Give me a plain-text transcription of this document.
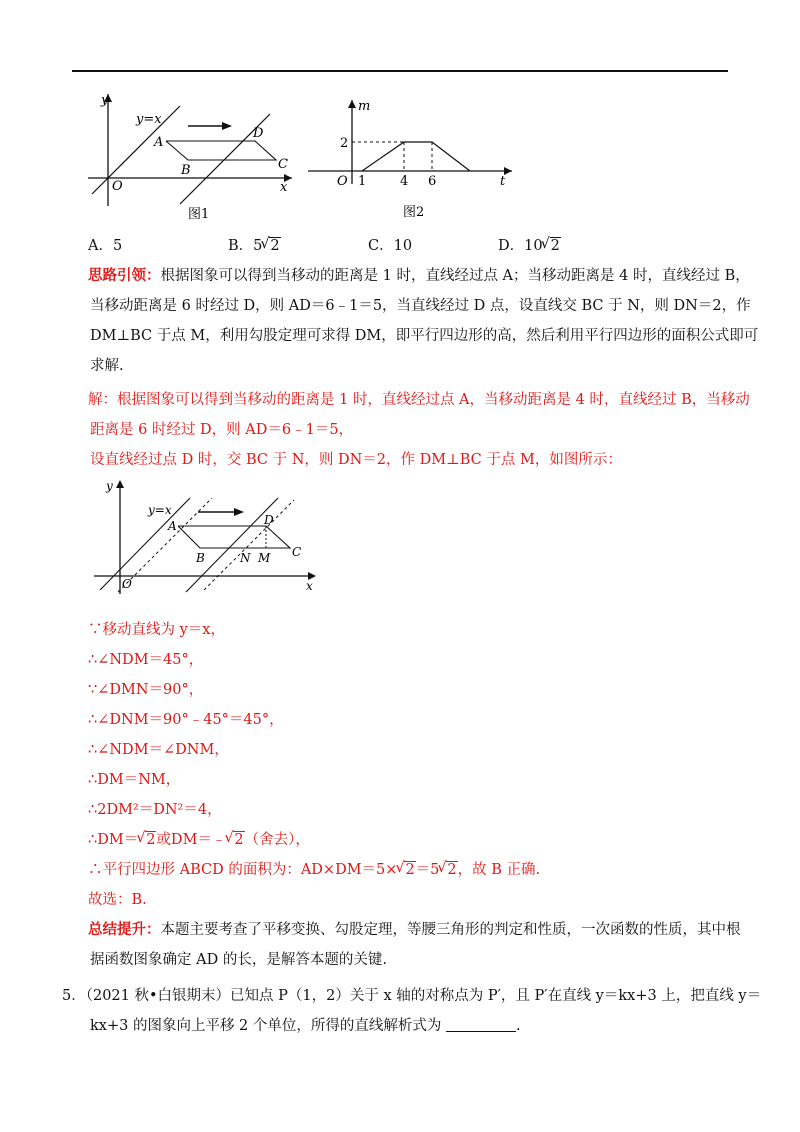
y
x
O
y=x
A
B	C
D
图1
m
t
O
2
1	4 6
图2
A．5	B．5 √ 2	C．10	D．10 √ 2
思路引领：根据图象可以得到当移动的距离是 1 时，直线经过点 A；当移动距离是 4 时，直线经过 B，
当移动距离是 6 时经过 D，则 AD＝6﹣1＝5，当直线经过 D 点，设直线交 BC 于 N，则 DN＝2，作
DM⊥BC 于点 M，利用勾股定理可求得 DM，即平行四边形的高，然后利用平行四边形的面积公式即可
求解.
解：根据图象可以得到当移动的距离是 1 时，直线经过点 A，当移动距离是 4 时，直线经过 B，当移动
距离是 6 时经过 D，则 AD＝6﹣1＝5，
设直线经过点 D 时，交 BC 于 N，则 DN＝2，作 DM⊥BC 于点 M，如图所示：
y
x
O
y=x
A
B	C
D
N M
∵移动直线为 y＝x，
∴∠NDM＝45°，
∵∠DMN＝90°，
∴∠DNM＝90°﹣45°＝45°，
∴∠NDM＝∠DNM，
∴DM＝NM，
∴2DM²＝DN²＝4，
∴DM＝ √ 2或DM＝﹣ √ 2（舍去），
∴平行四边形 ABCD 的面积为：AD×DM＝5× √ 2＝5 √ 2，故 B 正确.
故选：B.
总结提升：本题主要考查了平移变换、勾股定理，等腰三角形的判定和性质，一次函数的性质，其中根
据函数图象确定 AD 的长，是解答本题的关键.
5．（2021 秋•白银期末）已知点 P（1，2）关于 x 轴的对称点为 P′，且 P′在直线 y＝kx+3 上，把直线 y＝
kx+3 的图象向上平移 2 个单位，所得的直线解析式为	.
